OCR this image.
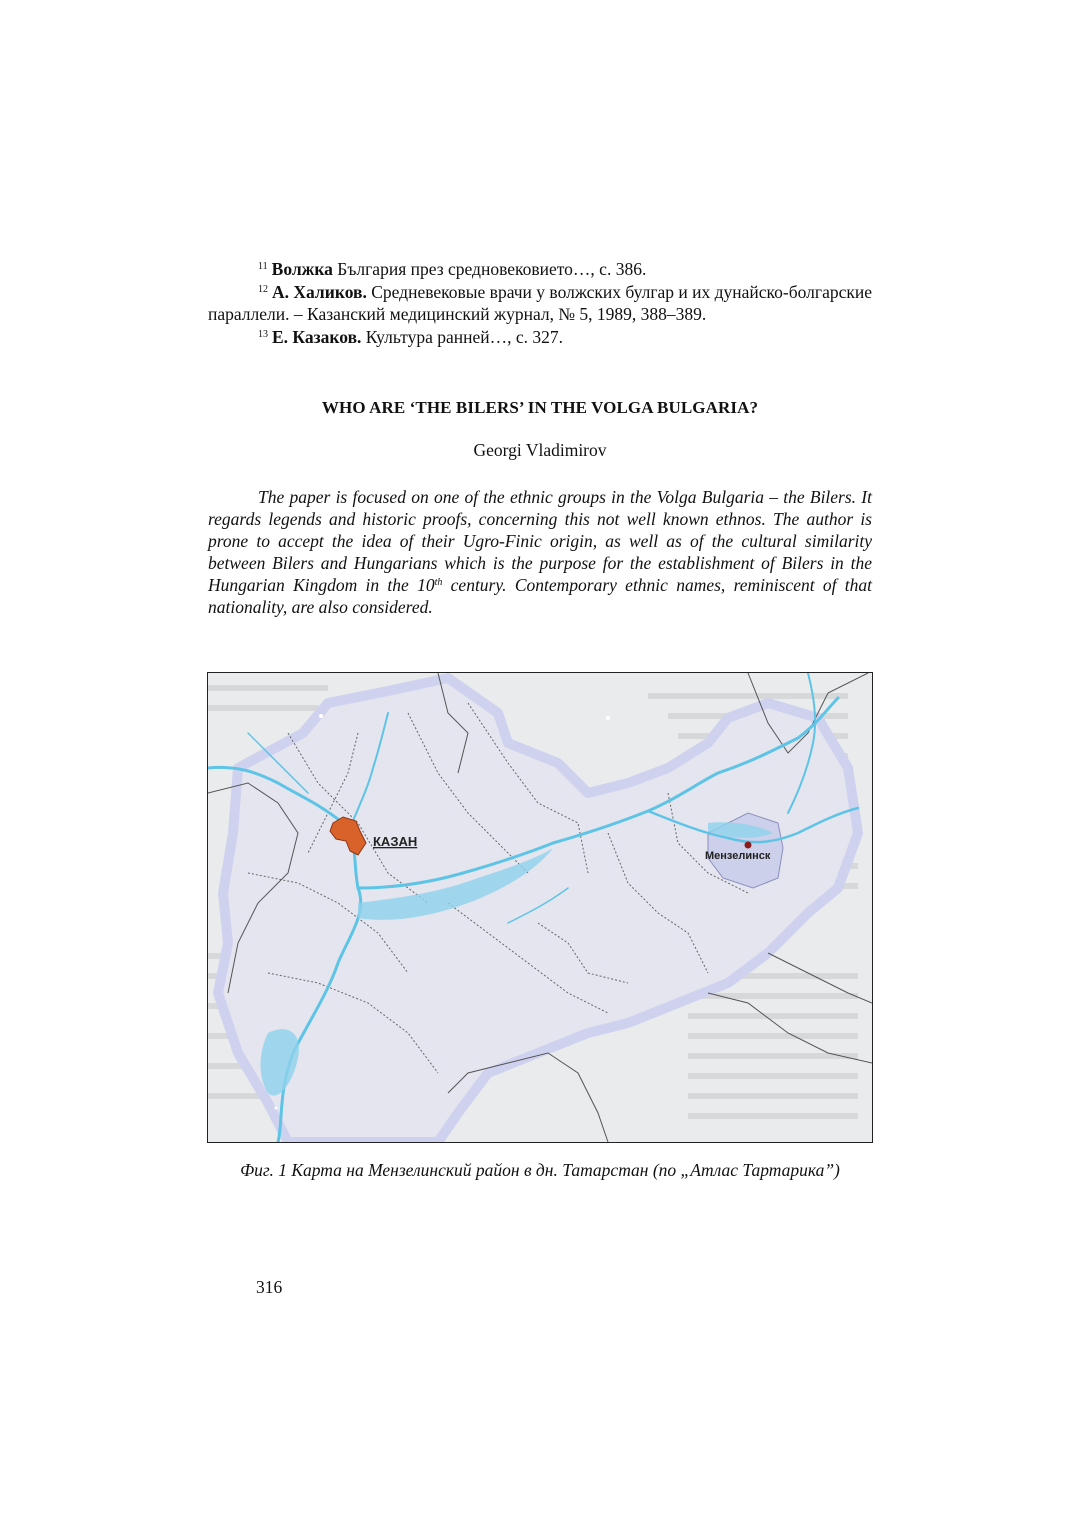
$^{11}$ Волжка България през средновековието…, с. 386.
$^{12}$ А. Халиков. Средневековые врачи у волжских булгар и их дунайско-болгарские параллели. – Казанский медицинский журнал, № 5, 1989, 388–389.
$^{13}$ Е. Казаков. Культура ранней…, с. 327.
WHO ARE ‘THE BILERS’ IN THE VOLGA BULGARIA?
Georgi Vladimirov

The paper is focused on one of the ethnic groups in the Volga Bulgaria – the Bilers. It regards legends and historic proofs, concerning this not well known ethnos. The author is prone to accept the idea of their Ugro-Finic origin, as well as of the cultural similarity between Bilers and Hungarians which is the purpose for the establishment of Bilers in the Hungarian Kingdom in the 10th century. Contemporary ethnic names, reminiscent of that nationality, are also considered.

КАЗАН
Мензелинск
Фиг. 1 Карта на Мензелинский район в дн. Татарстан (по „Атлас Тартарика”)
316
